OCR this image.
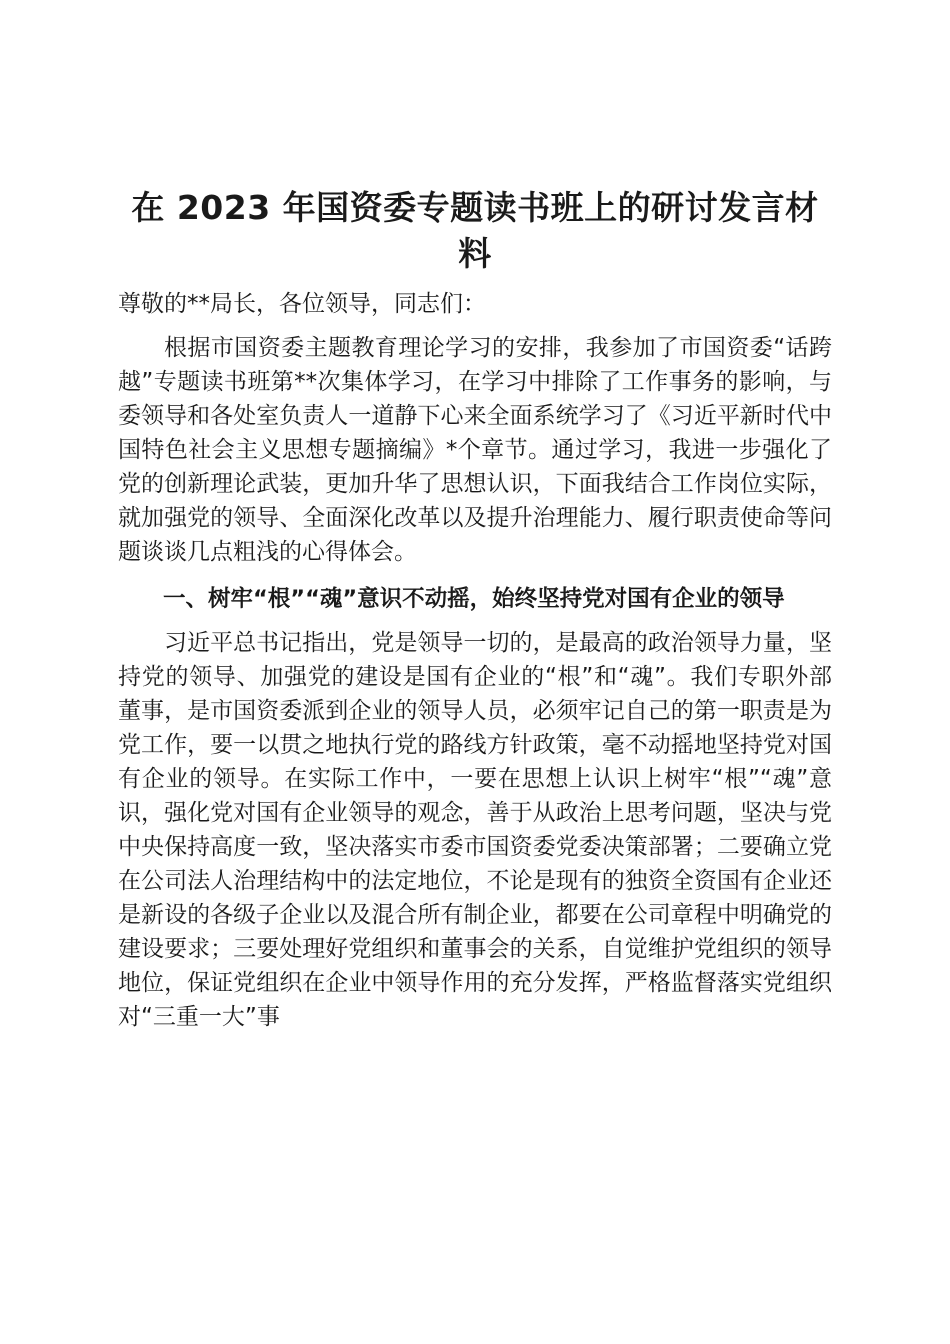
在 2023 年国资委专题读书班上的研讨发言材料

尊敬的**局长，各位领导，同志们：

根据市国资委主题教育理论学习的安排，我参加了市国资委“话跨越”专题读书班第**次集体学习，在学习中排除了工作事务的影响，与委领导和各处室负责人一道静下心来全面系统学习了《习近平新时代中国特色社会主义思想专题摘编》*个章节。通过学习，我进一步强化了党的创新理论武装，更加升华了思想认识，下面我结合工作岗位实际，就加强党的领导、全面深化改革以及提升治理能力、履行职责使命等问题谈谈几点粗浅的心得体会。

一、树牢“根”“魂”意识不动摇，始终坚持党对国有企业的领导

习近平总书记指出，党是领导一切的，是最高的政治领导力量，坚持党的领导、加强党的建设是国有企业的“根”和“魂”。我们专职外部董事，是市国资委派到企业的领导人员，必须牢记自己的第一职责是为党工作，要一以贯之地执行党的路线方针政策，毫不动摇地坚持党对国有企业的领导。在实际工作中，一要在思想上认识上树牢“根”“魂”意识，强化党对国有企业领导的观念，善于从政治上思考问题，坚决与党中央保持高度一致，坚决落实市委市国资委党委决策部署；二要确立党在公司法人治理结构中的法定地位，不论是现有的独资全资国有企业还是新设的各级子企业以及混合所有制企业，都要在公司章程中明确党的建设要求；三要处理好党组织和董事会的关系，自觉维护党组织的领导地位，保证党组织在企业中领导作用的充分发挥，严格监督落实党组织对“三重一大”事
